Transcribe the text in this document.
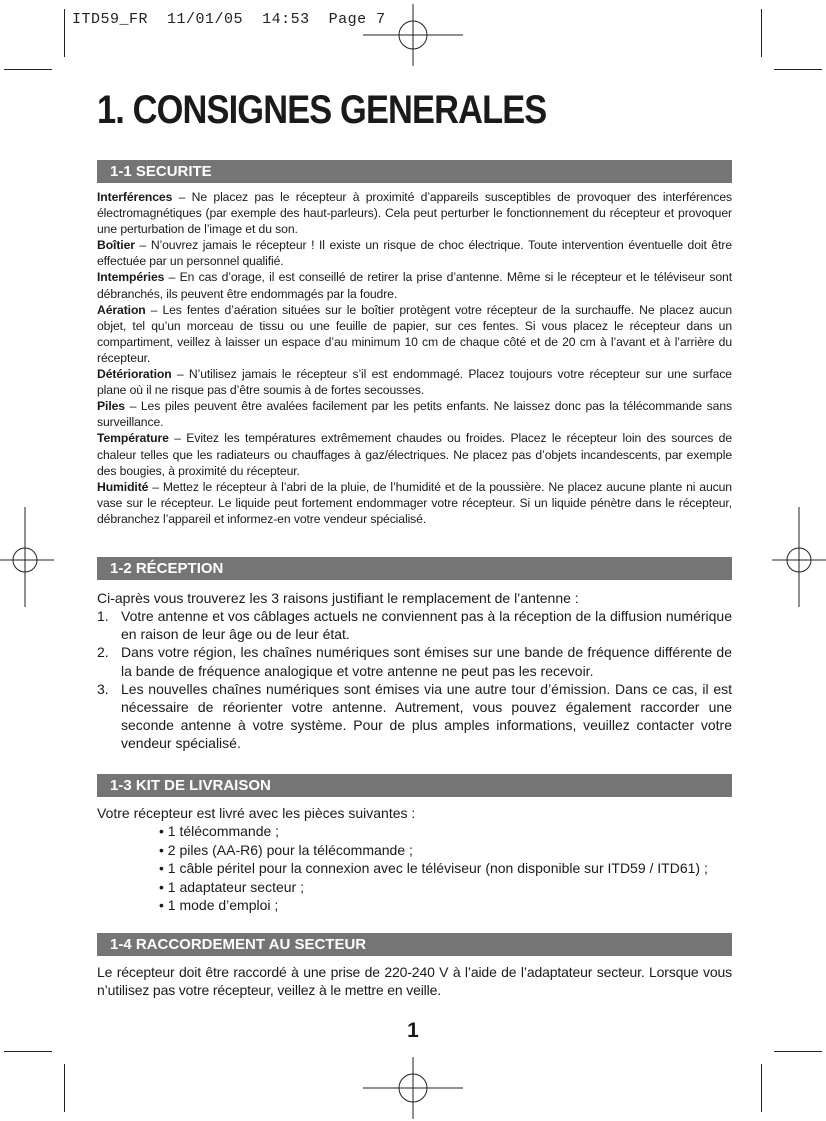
ITD59_FR 11/01/05 14:53 Page 7
1. CONSIGNES GENERALES
1-1 SECURITE

Interférences – Ne placez pas le récepteur à proximité d’appareils susceptibles de provoquer des interférences électromagnétiques (par exemple des haut-parleurs). Cela peut perturber le fonctionnement du récepteur et provoquer une perturbation de l’image et du son.

Boîtier – N’ouvrez jamais le récepteur ! Il existe un risque de choc électrique. Toute intervention éventuelle doit être effectuée par un personnel qualifié.

Intempéries – En cas d’orage, il est conseillé de retirer la prise d’antenne. Même si le récepteur et le téléviseur sont débranchés, ils peuvent être endommagés par la foudre.

Aération – Les fentes d’aération situées sur le boîtier protègent votre récepteur de la surchauffe. Ne placez aucun objet, tel qu’un morceau de tissu ou une feuille de papier, sur ces fentes. Si vous placez le récepteur dans un compartiment, veillez à laisser un espace d’au minimum 10 cm de chaque côté et de 20 cm à l’avant et à l’arrière du récepteur.

Détérioration – N’utilisez jamais le récepteur s’il est endommagé. Placez toujours votre récepteur sur une surface plane où il ne risque pas d’être soumis à de fortes secousses.

Piles – Les piles peuvent être avalées facilement par les petits enfants. Ne laissez donc pas la télécommande sans surveillance.

Température – Evitez les températures extrêmement chaudes ou froides. Placez le récepteur loin des sources de chaleur telles que les radiateurs ou chauffages à gaz/électriques. Ne placez pas d’objets incandescents, par exemple des bougies, à proximité du récepteur.

Humidité – Mettez le récepteur à l’abri de la pluie, de l’humidité et de la poussière. Ne placez aucune plante ni aucun vase sur le récepteur. Le liquide peut fortement endommager votre récepteur. Si un liquide pénètre dans le récepteur, débranchez l’appareil et informez-en votre vendeur spécialisé.

1-2 RÉCEPTION
Ci-après vous trouverez les 3 raisons justifiant le remplacement de l’antenne :
1. Votre antenne et vos câblages actuels ne conviennent pas à la réception de la diffusion numérique en raison de leur âge ou de leur état.
2. Dans votre région, les chaînes numériques sont émises sur une bande de fréquence différente de la bande de fréquence analogique et votre antenne ne peut pas les recevoir.
3. Les nouvelles chaînes numériques sont émises via une autre tour d’émission. Dans ce cas, il est nécessaire de réorienter votre antenne. Autrement, vous pouvez également raccorder une seconde antenne à votre système. Pour de plus amples informations, veuillez contacter votre vendeur spécialisé.
1-3 KIT DE LIVRAISON
Votre récepteur est livré avec les pièces suivantes :
• 1 télécommande ;
• 2 piles (AA-R6) pour la télécommande ;
• 1 câble péritel pour la connexion avec le téléviseur (non disponible sur ITD59 / ITD61) ;
• 1 adaptateur secteur ;
• 1 mode d’emploi ;
1-4 RACCORDEMENT AU SECTEUR
Le récepteur doit être raccordé à une prise de 220-240 V à l’aide de l’adaptateur secteur. Lorsque vous n’utilisez pas votre récepteur, veillez à le mettre en veille.
1
